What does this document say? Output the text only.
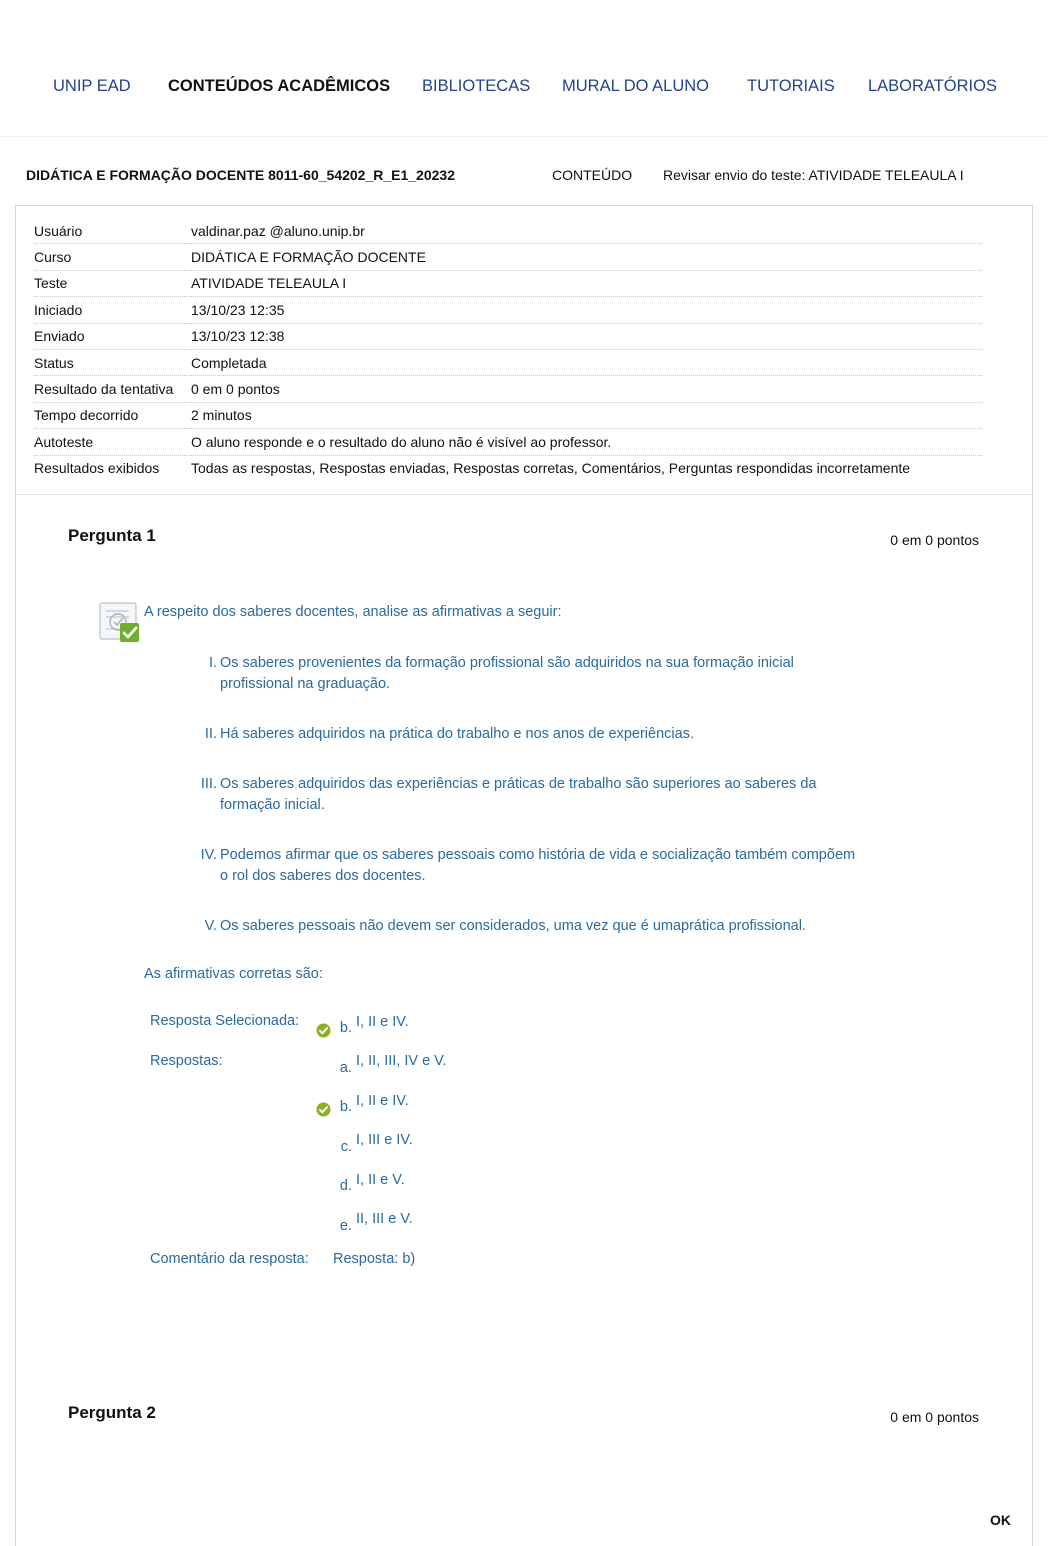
UNIP EAD CONTEÚDOS ACADÊMICOS BIBLIOTECAS MURAL DO ALUNO TUTORIAIS LABORATÓRIOS
DIDÁTICA E FORMAÇÃO DOCENTE 8011-60_54202_R_E1_20232	CONTEÚDO Revisar envio do teste: ATIVIDADE TELEAULA I
Usuário	valdinar.paz @aluno.unip.br
Curso	DIDÁTICA E FORMAÇÃO DOCENTE
Teste	ATIVIDADE TELEAULA I
Iniciado	13/10/23 12:35
Enviado	13/10/23 12:38
Status	Completada
Resultado da tentativa	0 em 0 pontos
Tempo decorrido	2 minutos
Autoteste	O aluno responde e o resultado do aluno não é visível ao professor.
Resultados exibidos	Todas as respostas, Respostas enviadas, Respostas corretas, Comentários, Perguntas respondidas incorretamente
Pergunta 1	0 em 0 pontos
A respeito dos saberes docentes, analise as afirmativas a seguir:
I. Os saberes provenientes da formação profissional são adquiridos na sua formação inicial profissional na graduação.
II. Há saberes adquiridos na prática do trabalho e nos anos de experiências.
III. Os saberes adquiridos das experiências e práticas de trabalho são superiores ao saberes da formação inicial.
IV. Podemos afirmar que os saberes pessoais como história de vida e socialização também compõem o rol dos saberes dos docentes.
V. Os saberes pessoais não devem ser considerados, uma vez que é umaprática profissional.
As afirmativas corretas são:
Resposta Selecionada:	b. I, II e IV.
Respostas:	a. I, II, III, IV e V.
b. I, II e IV.
c. I, III e IV.
d. I, II e V.
e. II, III e V.
Comentário da resposta: Resposta: b)
Pergunta 2	0 em 0 pontos
OK
